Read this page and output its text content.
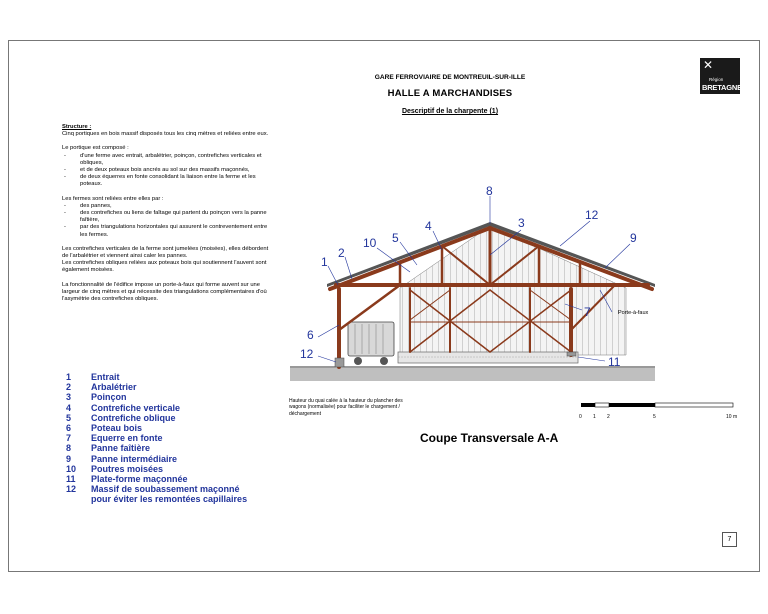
GARE FERROVIAIRE DE MONTREUIL-SUR-ILLE
HALLE A MARCHANDISES
Descriptif de la charpente (1)
✕
Région
BRETAGNE

Structure :

Cinq portiques en bois massif disposés tous les cinq mètres et reliées entre eux.

Le portique est composé :

- d'une ferme avec entrait, arbalétrier, poinçon, contrefiches verticales et obliques,
- et de deux poteaux bois ancrés au sol sur des massifs maçonnés,
- de deux équerres en fonte consolidant la liaison entre la ferme et les poteaux.

Les fermes sont reliées entre elles par :

- des pannes,
- des contrefiches ou liens de faîtage qui partent du poinçon vers la panne faîtière,
- par des triangulations horizontales qui assurent le contreventement entre les fermes.

Les contrefiches verticales de la ferme sont jumelées (moisées), elles débordent de l'arbalétrier et viennent ainsi caler les pannes.

Les contrefiches obliques reliées aux poteaux bois qui soutiennent l'auvent sont également moisées.

La fonctionnalité de l'édifice impose un porte-à-faux qui forme auvent sur une largeur de cinq mètres et qui nécessite des triangulations complémentaires d'où l'asymétrie des contrefiches obliques.

1	Entrait
2	Arbalétrier
3	Poinçon
4	Contrefiche verticale
5	Contrefiche oblique
6	Poteau bois
7	Equerre en fonte
8	Panne faîtière
9	Panne intermédiaire
10	Poutres moisées
11	Plate-forme maçonnée
12	Massif de soubassement maçonné
pour éviter les remontées capillaires
1
2
3
4
5
6
7
8
9
10
11
12
12
Porte-à-faux
0 1 2	5	10 m
Hauteur du quai calée à la hauteur du plancher des wagons (normalisée) pour faciliter le chargement / déchargement
Coupe Transversale A-A
7
